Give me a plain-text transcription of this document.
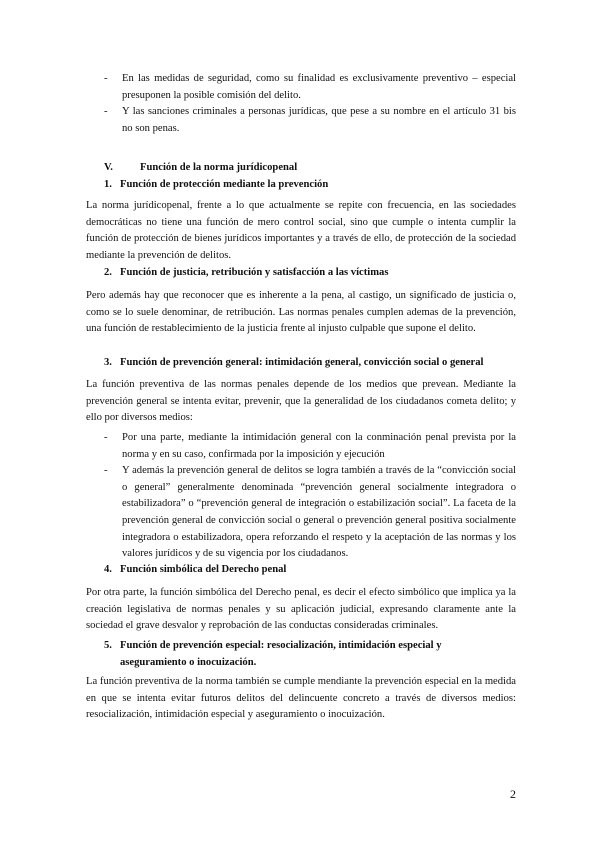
- En las medidas de seguridad, como su finalidad es exclusivamente preventivo – especial presuponen la posible comisión del delito.
- Y las sanciones criminales a personas jurídicas, que pese a su nombre en el artículo 31 bis no son penas.
V.	Función de la norma jurídicopenal
1. Función de protección mediante la prevención

La norma jurídicopenal, frente a lo que actualmente se repite con frecuencia, en las sociedades democráticas no tiene una función de mero control social, sino que cumple o intenta cumplir la función de protección de bienes jurídicos importantes y a través de ello, de protección de la sociedad mediante la prevención de delitos.

2. Función de justicia, retribución y satisfacción a las víctimas

Pero además hay que reconocer que es inherente a la pena, al castigo, un significado de justicia o, como se lo suele denominar, de retribución. Las normas penales cumplen ademas de la prevención, una función de restablecimiento de la justicia frente al injusto culpable que supone el delito.

3. Función de prevención general: intimidación general, convicción social o general

La función preventiva de las normas penales depende de los medios que prevean. Mediante la prevención general se intenta evitar, prevenir, que la generalidad de los ciudadanos cometa delito; y ello por diversos medios:

- Por una parte, mediante la intimidación general con la conminación penal prevista por la norma y en su caso, confirmada por la imposición y ejecución
- Y además la prevención general de delitos se logra también a través de la “convicción social o general” generalmente denominada “prevención general socialmente integradora o estabilizadora” o “prevención general de integración o estabilización social”. La faceta de la prevención general de convicción social o general o prevención general positiva socialmente integradora o estabilizadora, opera reforzando el respeto y la aceptación de las normas y los valores jurídicos y de su vigencia por los ciudadanos.
4. Función simbólica del Derecho penal

Por otra parte, la función simbólica del Derecho penal, es decir el efecto simbólico que implica ya la creación legislativa de normas penales y su aplicación judicial, expresando claramente ante la sociedad el grave desvalor y reprobación de las conductas consideradas criminales.

5. Función de prevención especial: resocialización, intimidación especial y aseguramiento o inocuización.

La función preventiva de la norma también se cumple mendiante la prevención especial en la medida en que se intenta evitar futuros delitos del delincuente concreto a través de diversos medios: resocialización, intimidación especial y aseguramiento o inocuización.

2
